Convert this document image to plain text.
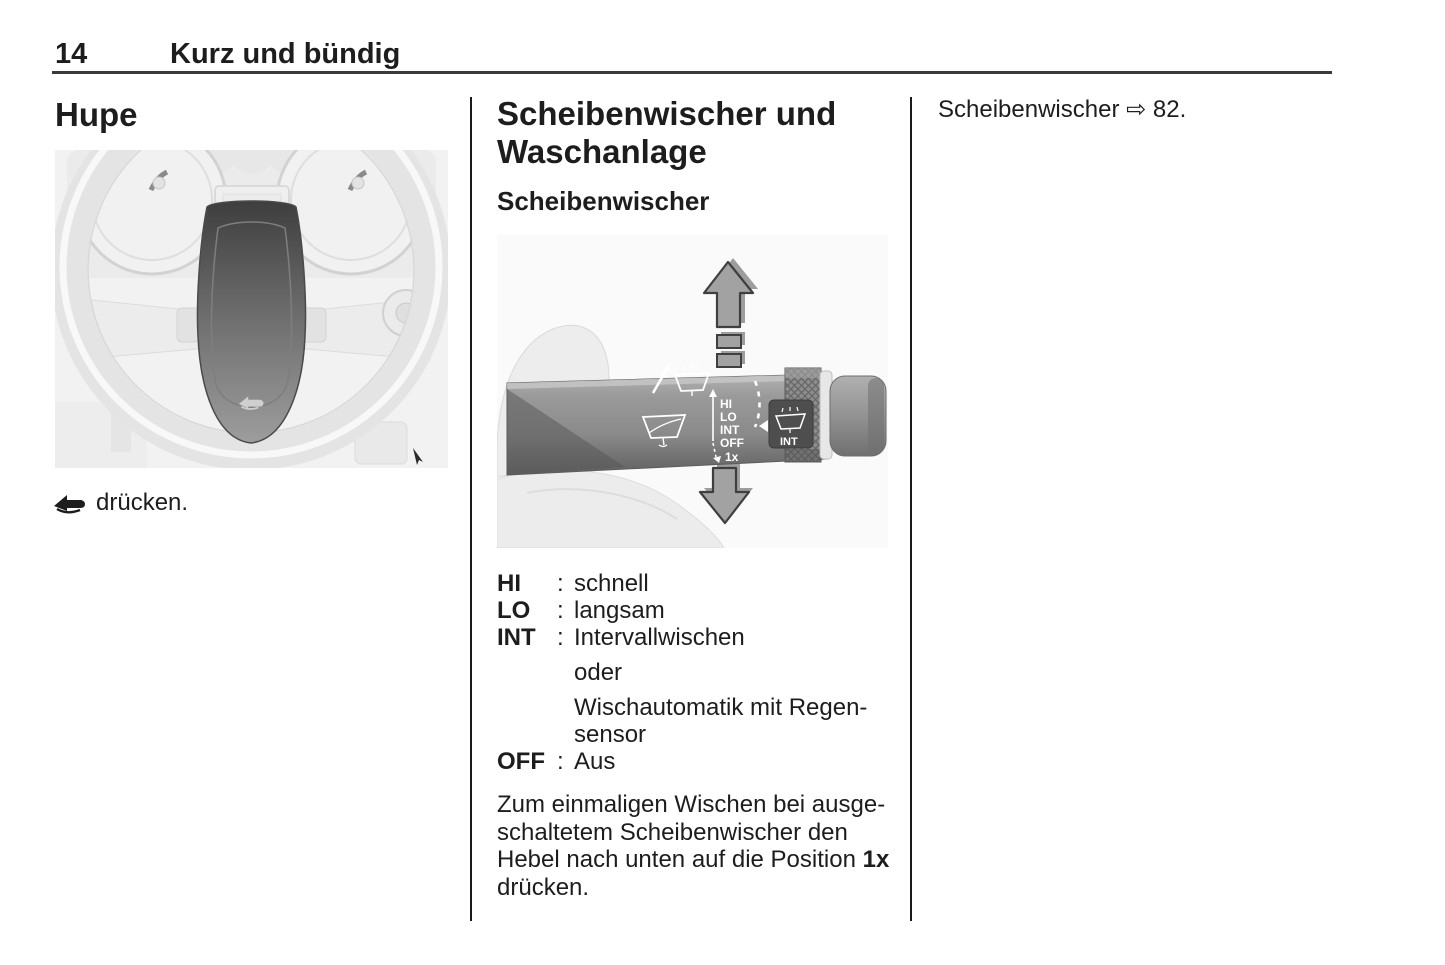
14	Kurz und bündig
Hupe

drücken.

Scheibenwischer und Waschanlage
Scheibenwischer
HI
LO
INT
OFF
1x
INT
HI	: schnell
LO	: langsam
INT : Intervallwischen
oder
Wischautomatik mit Regen-
sensor
OFF : Aus

Zum einmaligen Wischen bei ausge-
schaltetem Scheibenwischer den
Hebel nach unten auf die Position 1x
drücken.

Scheibenwischer ⇨ 82.
